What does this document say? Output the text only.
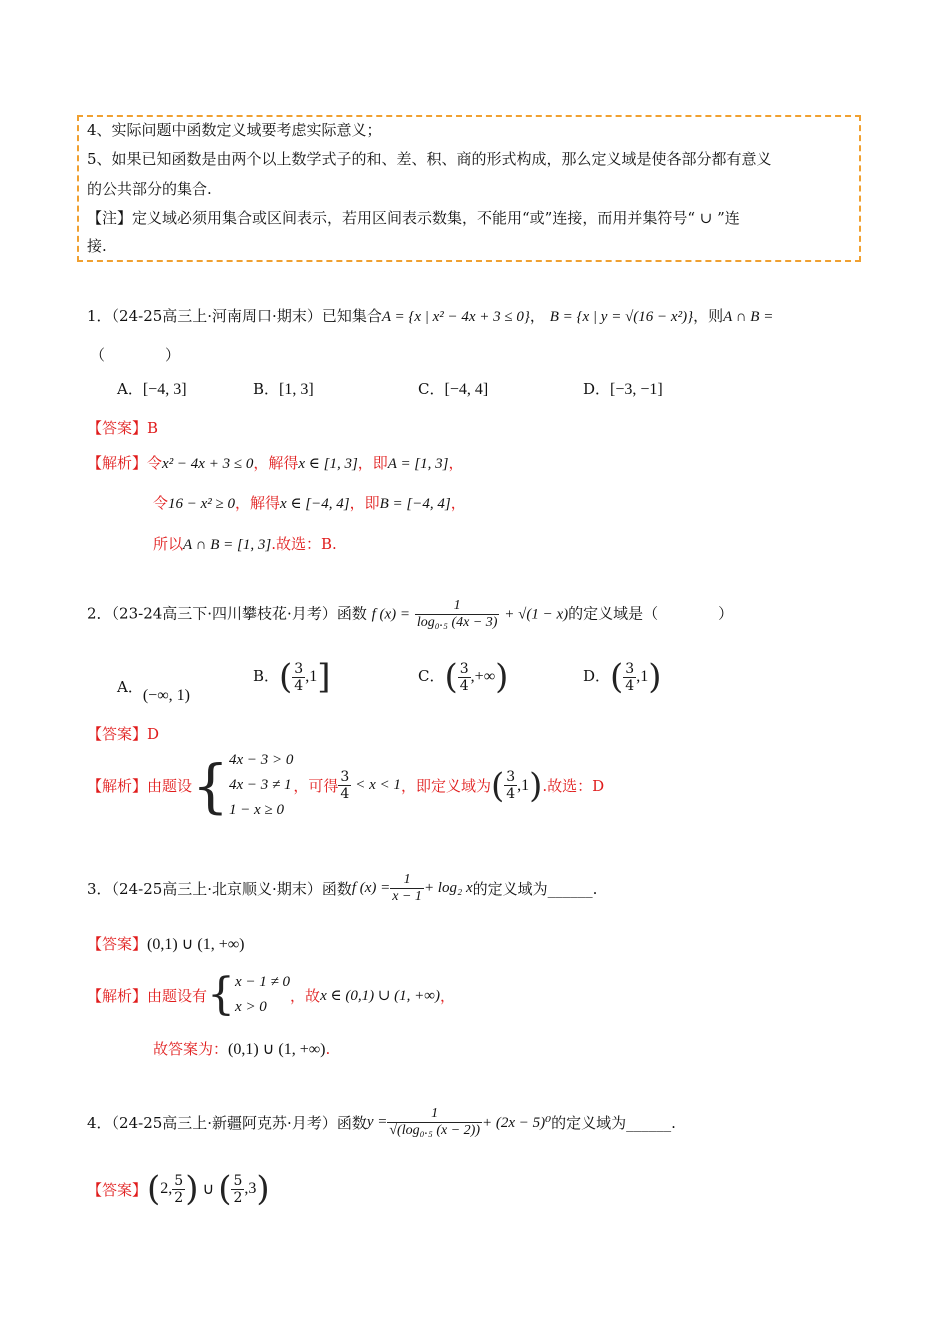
4、实际问题中函数定义域要考虑实际意义；
5、如果已知函数是由两个以上数学式子的和、差、积、商的形式构成，那么定义域是使各部分都有意义
的公共部分的集合.
【注】定义域必须用集合或区间表示，若用区间表示数集，不能用“或”连接，而用并集符号“ ∪ ”连
接.
1．（24-25高三上·河南周口·期末）已知集合A = {x | x² − 4x + 3 ≤ 0}， B = {x | y = √(16 − x²)}，则A ∩ B =
（　　　　）
A．[−4, 3]	B．[1, 3]	C．[−4, 4]	D．[−3, −1]
【答案】B
【解析】令x² − 4x + 3 ≤ 0，解得x ∈ [1, 3]，即A = [1, 3]，
令16 − x² ≥ 0，解得x ∈ [−4, 4]，即B = [−4, 4]，
所以A ∩ B = [1, 3].故选：B.
2．（23-24高三下·四川攀枝花·月考）函数 f $(x) = \frac{1}{\text{log₀.₅ (4x − 3)}} + √(1 - x)$的定义域是（　　　　）
A．(−∞, 1)
B．( $\frac{3}{4} ,1$]	C．( $\frac{3}{4}$ ,+∞)	D．( $\frac{3}{4} ,1$)
【答案】D
【解析】 由题设 { 4x − 3 > 0
4x − 3 ≠ 1
1 − x ≥ 0
，可得 $\frac{3}{4} < x < 1$ ，即定义域为 ( $\frac{3}{4} ,1$ ) .故选：D
3．（24-25高三上·北京顺义·期末）函数 f $(x) = \frac{1}{x - 1} + \log_2$ x 的定义域为______.
【答案】(0,1) ∪ (1, +∞)
【解析】 由题设有 { x − 1 ≠ 0
x > 0
，故 x ∈ (0,1) ∪ (1, +∞) ，
故答案为：(0,1) ∪ (1, +∞).
4．（24-25高三上·新疆阿克苏·月考）函数 $y = \frac{1}{\text{√(log₀.₅ (x − 2))}} + (2x - 5)^0$ 的定义域为______.
【答案】 ( 2, $\frac{5}{2}$ ) ∪ ( $\frac{5}{2} ,3$ )
